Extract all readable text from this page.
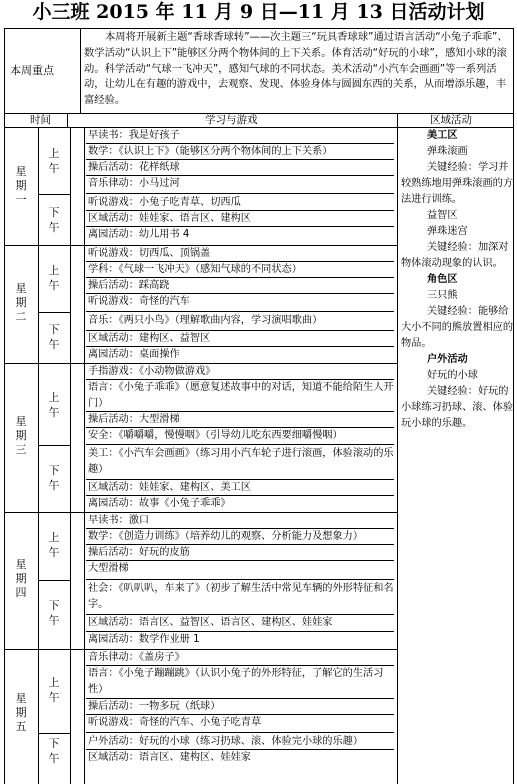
小三班 2015 年 11 月 9 日—11 月 13 日活动计划
本周重点
本周将开展新主题“香球香球转”——次主题三“玩具香球球”通过语言活动“小兔子乖乖”、数学活动“认识上下”能够区分两个物体间的上下关系。体育活动“好玩的小球”，感知小球的滚动。科学活动“气球一飞冲天”，感知气球的不同状态。美术活动“小汽车会画画”等一系列活动，让幼儿在有趣的游戏中，去观察、发现、体验身体与圆圆东西的关系，从而增添乐趣，丰富经验。
时间	学习与游戏	区域活动
星
期
一
星
期
二
星
期
三
星
期
四
星
期
五
上
午
下
午
上
午
下
午
上
午
下
午
上
午
下
午
上
午
下
午
早读书：我是好孩子
数学：《认识上下》（能够区分两个物体间的上下关系）
操后活动：花样纸球
音乐律动：小马过河
听说游戏：小兔子吃青草、切西瓜
区域活动：娃娃家、语言区、建构区
离园活动：幼儿用书 4
听说游戏：切西瓜、顶锅盖
学科：《气球一飞冲天》（感知气球的不同状态）
操后活动：踩高跷
听说游戏：奇怪的汽车
音乐：《两只小鸟》（理解歌曲内容，学习演唱歌曲）
区域活动：建构区、益智区
离园活动：桌面操作
手指游戏：《小动物做游戏》
语言：《小兔子乖乖》（愿意复述故事中的对话，知道不能给陌生人开门）
操后活动：大型滑梯
安全：《嚼嚼嚼，慢慢咽》（引导幼儿吃东西要细嚼慢咽）
美工：《小汽车会画画》（练习用小汽车轮子进行滚画，体验滚动的乐趣）
区域活动：娃娃家、建构区、美工区
离园活动：故事《小兔子乖乖》
早读书：激口
数学：《创造力训练》（培养幼儿的观察、分析能力及想象力）
操后活动：好玩的皮筋
大型滑梯
社会：《叭叭叭，车来了》（初步了解生活中常见车辆的外形特征和名字。
区域活动：语言区、益智区、语言区、建构区、娃娃家
离园活动：数学作业册 1
音乐律动：《盖房子》
语言：《小兔子蹦蹦跳》（认识小兔子的外形特征，了解它的生活习性）
操后活动：一物多玩（纸球）
听说游戏：奇怪的汽车、小兔子吃青草
户外活动：好玩的小球（练习扔球、滚、体验完小球的乐趣）
区域活动：语言区、建构区、娃娃家
美工区
弹珠滚画
关键经验：学习并较熟练地用弹珠滚画的方法进行训练。
益智区
弹珠迷宫
关键经验：加深对物体滚动现象的认识。
角色区
三只熊
关键经验：能够给大小不同的熊放置相应的物品。
户外活动
好玩的小球
关键经验：好玩的小球练习扔球、滚、体验玩小球的乐趣。
